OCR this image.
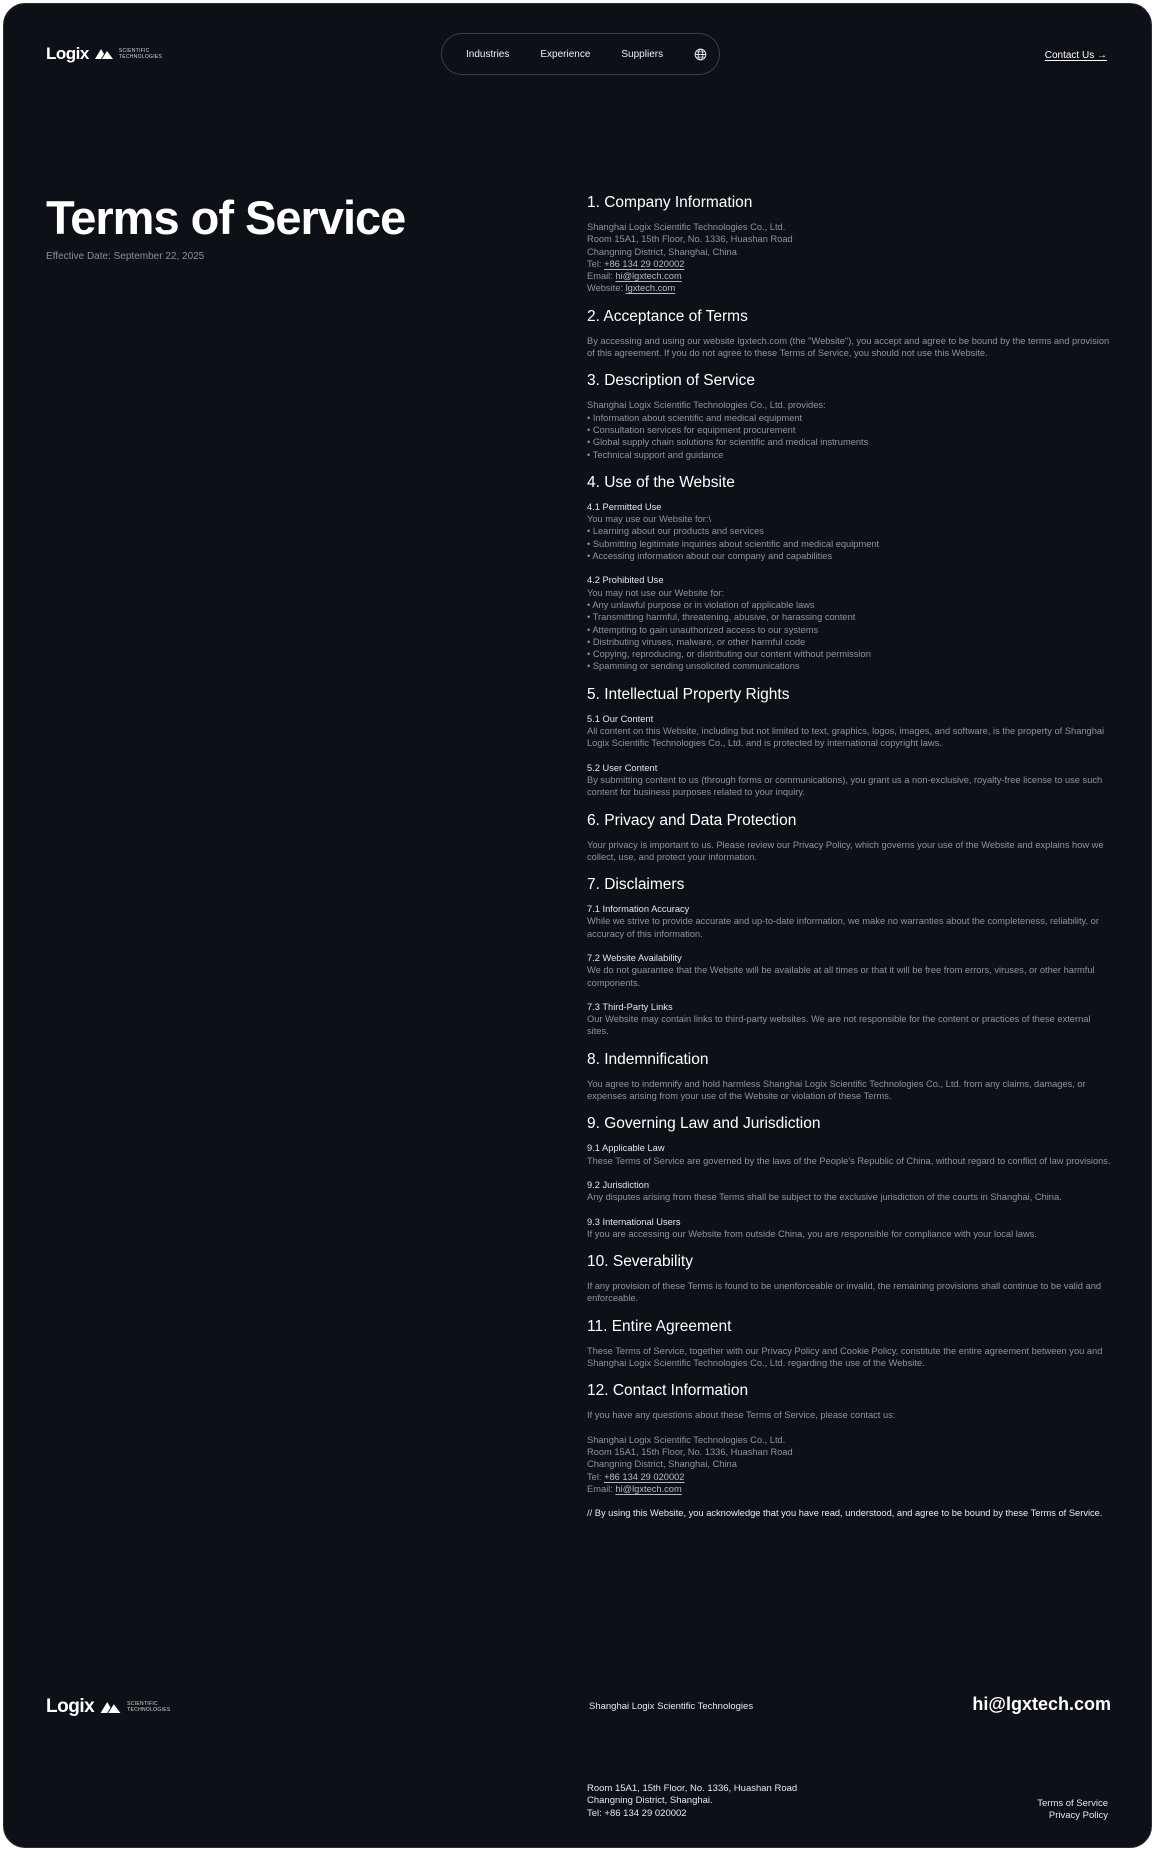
Logix	SCIENTIFIC
TECHNOLOGIES	Industries	Experience	Suppliers	Contact Us →
Terms of Service
Effective Date: September 22, 2025
1. Company Information
Shanghai Logix Scientific Technologies Co., Ltd.
Room 15A1, 15th Floor, No. 1336, Huashan Road
Changning District, Shanghai, China
Tel: +86 134 29 020002
Email: hi@lgxtech.com
Website: lgxtech.com
2. Acceptance of Terms
By accessing and using our website lgxtech.com (the "Website"), you accept and agree to be bound by the terms and provision of this agreement. If you do not agree to these Terms of Service, you should not use this Website.
3. Description of Service
Shanghai Logix Scientific Technologies Co., Ltd. provides:
• Information about scientific and medical equipment
• Consultation services for equipment procurement
• Global supply chain solutions for scientific and medical instruments
• Technical support and guidance
4. Use of the Website
4.1 Permitted Use
You may use our Website for:\
• Learning about our products and services
• Submitting legitimate inquiries about scientific and medical equipment
• Accessing information about our company and capabilities
4.2 Prohibited Use
You may not use our Website for:
• Any unlawful purpose or in violation of applicable laws
• Transmitting harmful, threatening, abusive, or harassing content
• Attempting to gain unauthorized access to our systems
• Distributing viruses, malware, or other harmful code
• Copying, reproducing, or distributing our content without permission
• Spamming or sending unsolicited communications
5. Intellectual Property Rights
5.1 Our Content
All content on this Website, including but not limited to text, graphics, logos, images, and software, is the property of Shanghai Logix Scientific Technologies Co., Ltd. and is protected by international copyright laws.
5.2 User Content
By submitting content to us (through forms or communications), you grant us a non-exclusive, royalty-free license to use such content for business purposes related to your inquiry.
6. Privacy and Data Protection
Your privacy is important to us. Please review our Privacy Policy, which governs your use of the Website and explains how we collect, use, and protect your information.
7. Disclaimers
7.1 Information Accuracy
While we strive to provide accurate and up-to-date information, we make no warranties about the completeness, reliability, or accuracy of this information.
7.2 Website Availability
We do not guarantee that the Website will be available at all times or that it will be free from errors, viruses, or other harmful components.
7.3 Third-Party Links
Our Website may contain links to third-party websites. We are not responsible for the content or practices of these external sites.
8. Indemnification
You agree to indemnify and hold harmless Shanghai Logix Scientific Technologies Co., Ltd. from any claims, damages, or expenses arising from your use of the Website or violation of these Terms.
9. Governing Law and Jurisdiction
9.1 Applicable Law
These Terms of Service are governed by the laws of the People's Republic of China, without regard to conflict of law provisions.
9.2 Jurisdiction
Any disputes arising from these Terms shall be subject to the exclusive jurisdiction of the courts in Shanghai, China.
9.3 International Users
If you are accessing our Website from outside China, you are responsible for compliance with your local laws.
10. Severability
If any provision of these Terms is found to be unenforceable or invalid, the remaining provisions shall continue to be valid and enforceable.
11. Entire Agreement
These Terms of Service, together with our Privacy Policy and Cookie Policy, constitute the entire agreement between you and Shanghai Logix Scientific Technologies Co., Ltd. regarding the use of the Website.
12. Contact Information
If you have any questions about these Terms of Service, please contact us:
Shanghai Logix Scientific Technologies Co., Ltd.
Room 15A1, 15th Floor, No. 1336, Huashan Road
Changning District, Shanghai, China
Tel: +86 134 29 020002
Email: hi@lgxtech.com
// By using this Website, you acknowledge that you have read, understood, and agree to be bound by these Terms of Service.
Logix	SCIENTIFIC
TECHNOLOGIES	Shanghai Logix Scientific Technologies	hi@lgxtech.com
Room 15A1, 15th Floor, No. 1336, Huashan Road
Changning District, Shanghai.
Tel: +86 134 29 020002
Terms of Service
Privacy Policy
